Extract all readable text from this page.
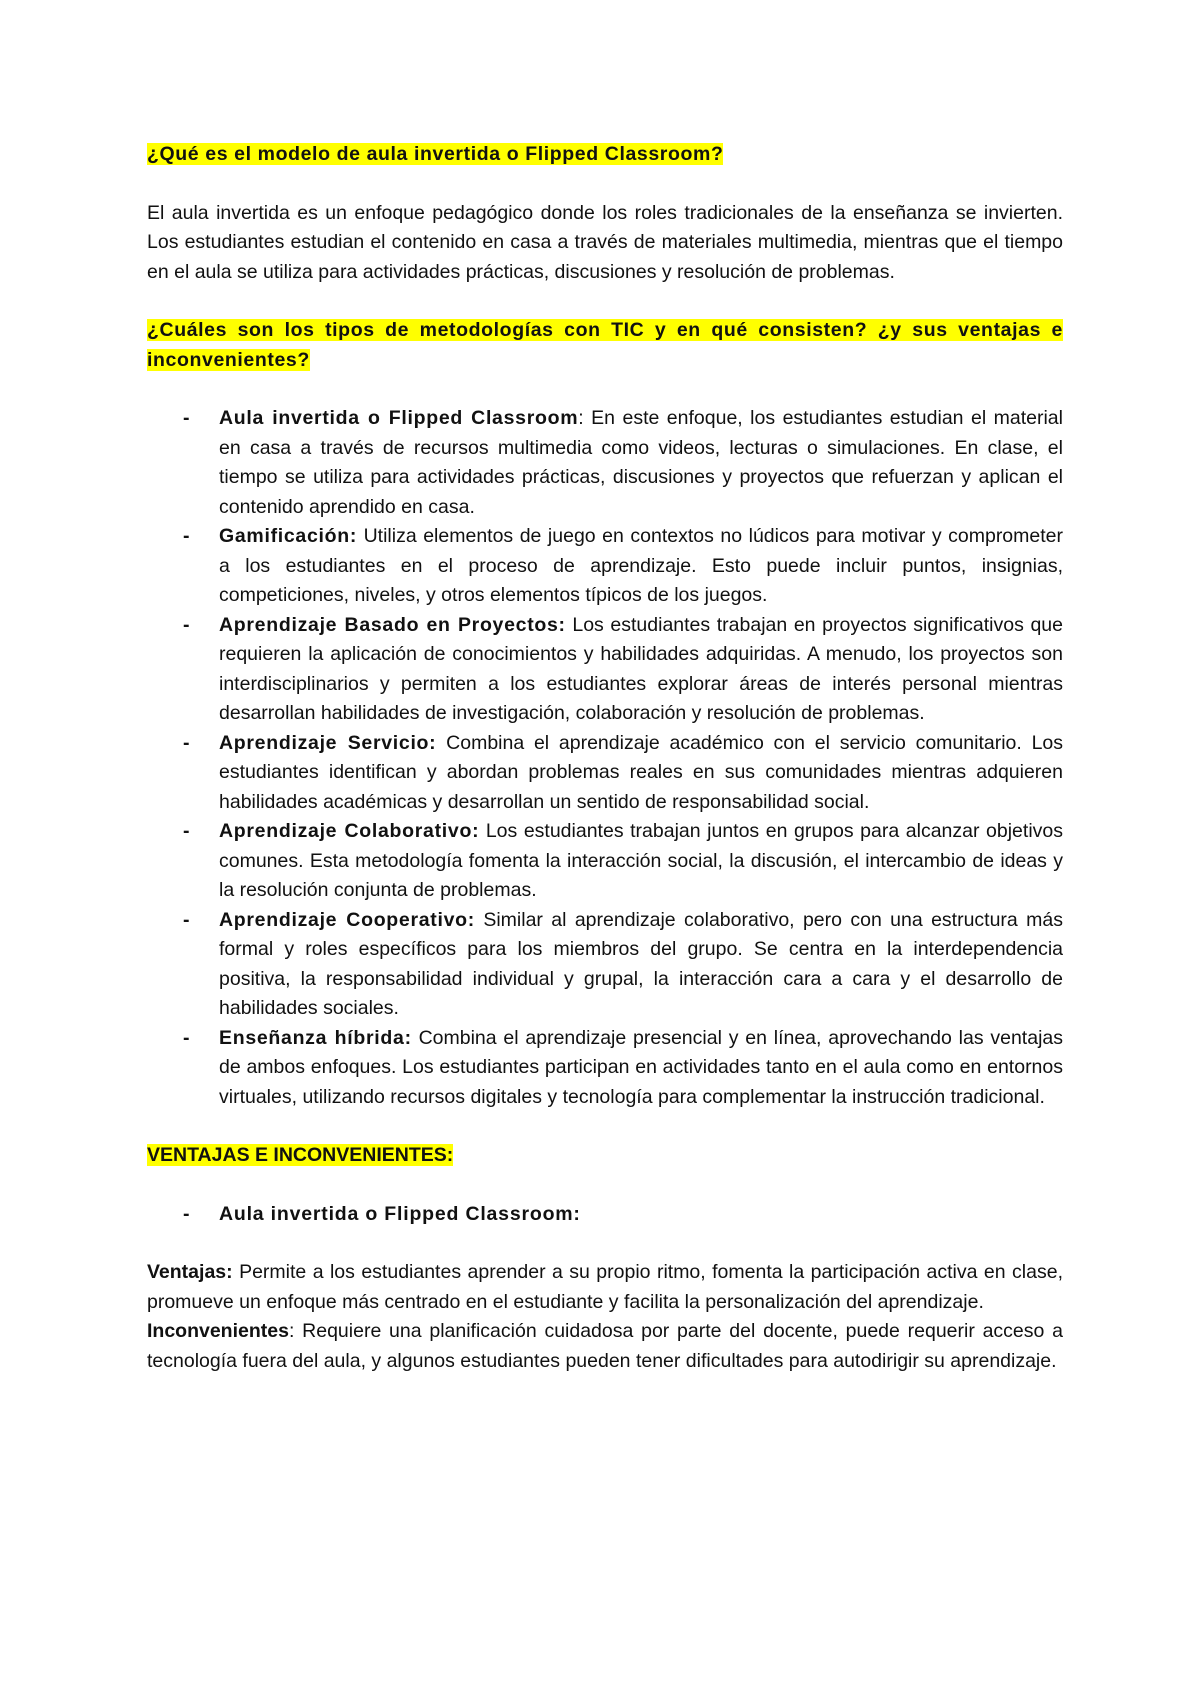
¿Qué es el modelo de aula invertida o Flipped Classroom?

El aula invertida es un enfoque pedagógico donde los roles tradicionales de la enseñanza se invierten. Los estudiantes estudian el contenido en casa a través de materiales multimedia, mientras que el tiempo en el aula se utiliza para actividades prácticas, discusiones y resolución de problemas.

¿Cuáles son los tipos de metodologías con TIC y en qué consisten? ¿y sus ventajas e inconvenientes?

- Aula invertida o Flipped Classroom: En este enfoque, los estudiantes estudian el material en casa a través de recursos multimedia como videos, lecturas o simulaciones. En clase, el tiempo se utiliza para actividades prácticas, discusiones y proyectos que refuerzan y aplican el contenido aprendido en casa.
- Gamificación: Utiliza elementos de juego en contextos no lúdicos para motivar y comprometer a los estudiantes en el proceso de aprendizaje. Esto puede incluir puntos, insignias, competiciones, niveles, y otros elementos típicos de los juegos.
- Aprendizaje Basado en Proyectos: Los estudiantes trabajan en proyectos significativos que requieren la aplicación de conocimientos y habilidades adquiridas. A menudo, los proyectos son interdisciplinarios y permiten a los estudiantes explorar áreas de interés personal mientras desarrollan habilidades de investigación, colaboración y resolución de problemas.
- Aprendizaje Servicio: Combina el aprendizaje académico con el servicio comunitario. Los estudiantes identifican y abordan problemas reales en sus comunidades mientras adquieren habilidades académicas y desarrollan un sentido de responsabilidad social.
- Aprendizaje Colaborativo: Los estudiantes trabajan juntos en grupos para alcanzar objetivos comunes. Esta metodología fomenta la interacción social, la discusión, el intercambio de ideas y la resolución conjunta de problemas.
- Aprendizaje Cooperativo: Similar al aprendizaje colaborativo, pero con una estructura más formal y roles específicos para los miembros del grupo. Se centra en la interdependencia positiva, la responsabilidad individual y grupal, la interacción cara a cara y el desarrollo de habilidades sociales.
- Enseñanza híbrida: Combina el aprendizaje presencial y en línea, aprovechando las ventajas de ambos enfoques. Los estudiantes participan en actividades tanto en el aula como en entornos virtuales, utilizando recursos digitales y tecnología para complementar la instrucción tradicional.

VENTAJAS E INCONVENIENTES:

- Aula invertida o Flipped Classroom:

Ventajas: Permite a los estudiantes aprender a su propio ritmo, fomenta la participación activa en clase, promueve un enfoque más centrado en el estudiante y facilita la personalización del aprendizaje.

Inconvenientes: Requiere una planificación cuidadosa por parte del docente, puede requerir acceso a tecnología fuera del aula, y algunos estudiantes pueden tener dificultades para autodirigir su aprendizaje.
